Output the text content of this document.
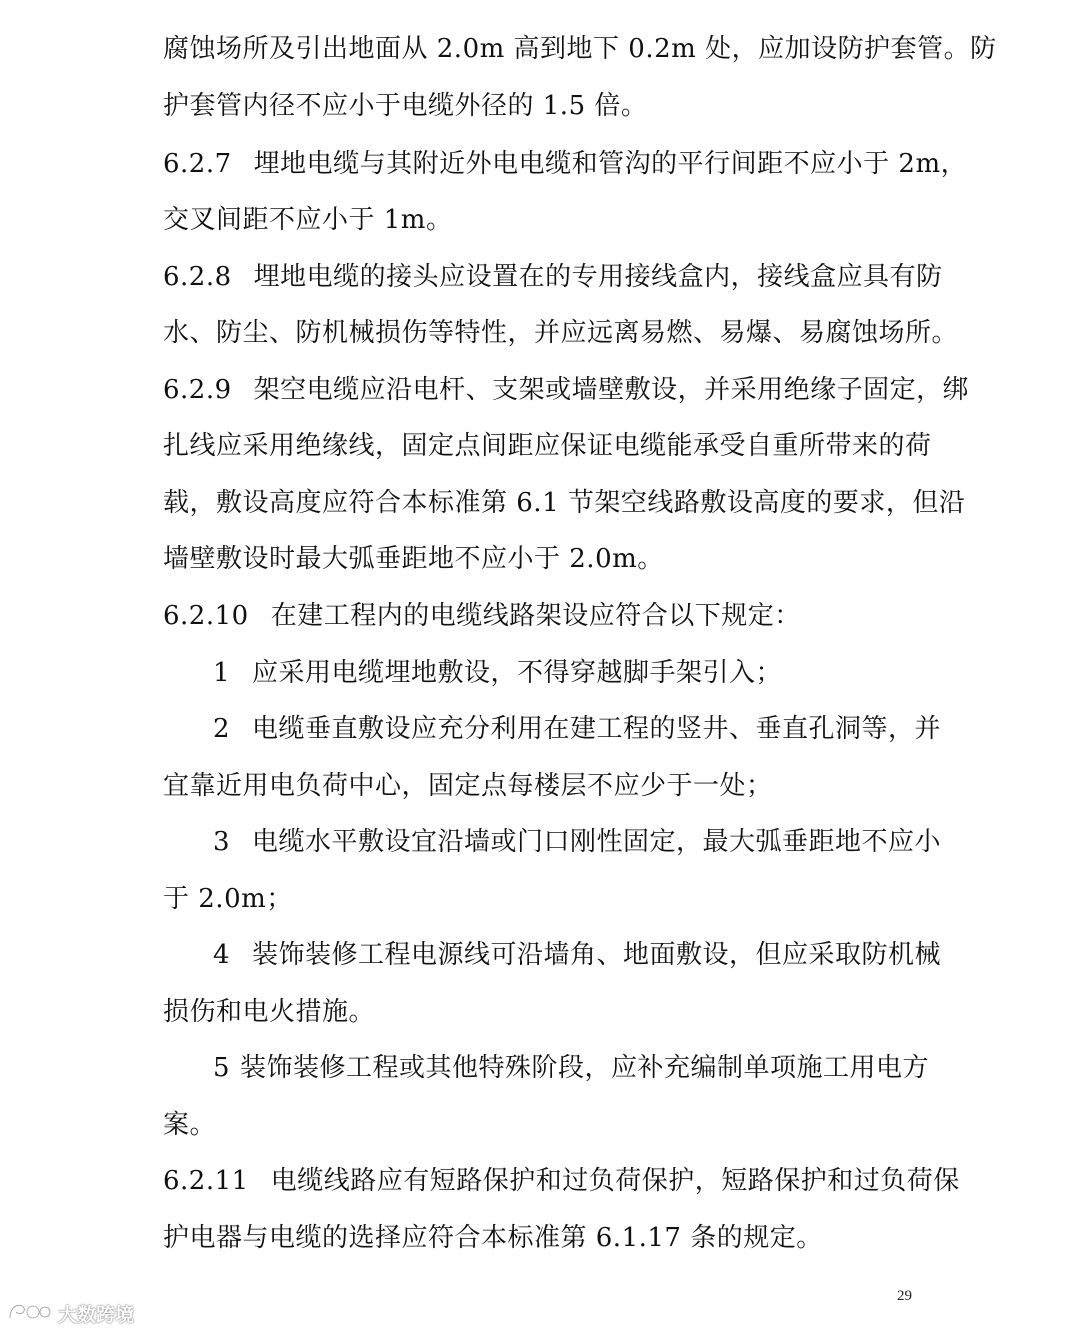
腐蚀场所及引出地面从 2.0m 高到地下 0.2m 处，应加设防护套管。防
护套管内径不应小于电缆外径的 1.5 倍。
6.2.7 埋地电缆与其附近外电电缆和管沟的平行间距不应小于 2m，
交叉间距不应小于 1m。
6.2.8 埋地电缆的接头应设置在的专用接线盒内，接线盒应具有防
水、防尘、防机械损伤等特性，并应远离易燃、易爆、易腐蚀场所。
6.2.9 架空电缆应沿电杆、支架或墙壁敷设，并采用绝缘子固定，绑
扎线应采用绝缘线，固定点间距应保证电缆能承受自重所带来的荷
载，敷设高度应符合本标准第 6.1 节架空线路敷设高度的要求，但沿
墙壁敷设时最大弧垂距地不应小于 2.0m。
6.2.10 在建工程内的电缆线路架设应符合以下规定：
1 应采用电缆埋地敷设，不得穿越脚手架引入；
2 电缆垂直敷设应充分利用在建工程的竖井、垂直孔洞等，并
宜靠近用电负荷中心，固定点每楼层不应少于一处；
3 电缆水平敷设宜沿墙或门口刚性固定，最大弧垂距地不应小
于 2.0m；
4 装饰装修工程电源线可沿墙角、地面敷设，但应采取防机械
损伤和电火措施。
5 装饰装修工程或其他特殊阶段，应补充编制单项施工用电方
案。
6.2.11 电缆线路应有短路保护和过负荷保护，短路保护和过负荷保
护电器与电缆的选择应符合本标准第 6.1.17 条的规定。
29
大数跨境
